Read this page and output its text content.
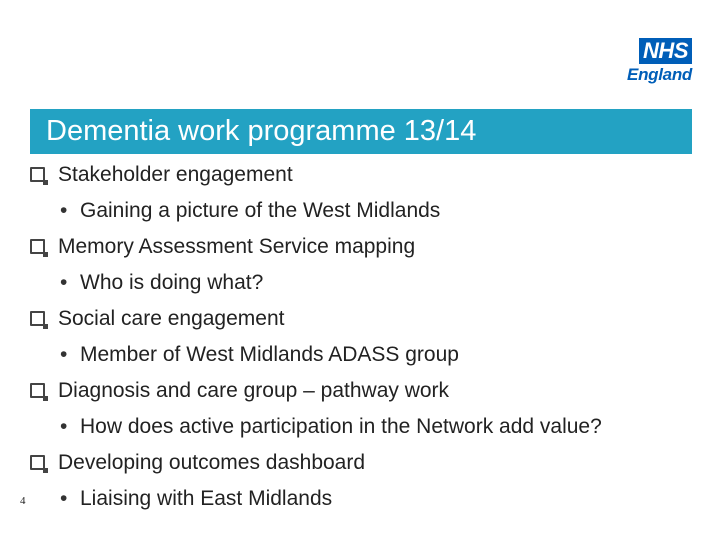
NHS
England
Dementia work programme 13/14
Stakeholder engagement
• Gaining a picture of the West Midlands
Memory Assessment Service mapping
• Who is doing what?
Social care engagement
• Member of West Midlands ADASS group
Diagnosis and care group – pathway work
• How does active participation in the Network add value?
Developing outcomes dashboard
• Liaising with East Midlands
4
